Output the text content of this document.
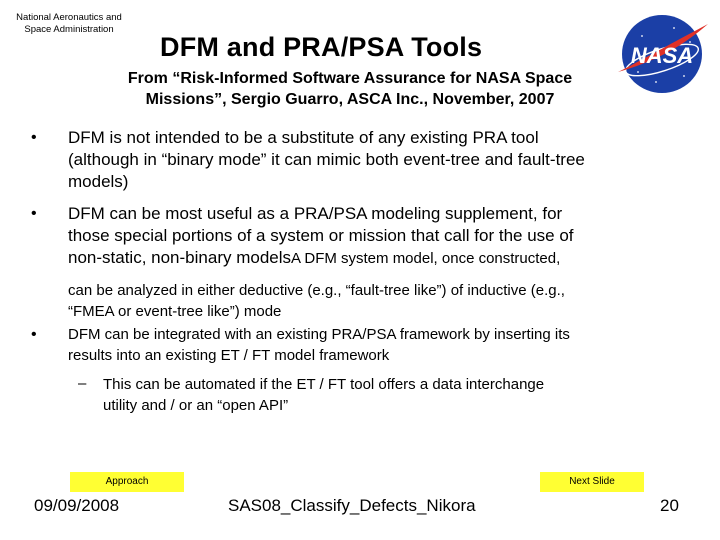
National Aeronautics and
Space Administration
NASA
DFM and PRA/PSA Tools
From “Risk-Informed Software Assurance for NASA Space
Missions”, Sergio Guarro, ASCA Inc., November, 2007
• DFM is not intended to be a substitute of any existing PRA tool
(although in “binary mode” it can mimic both event-tree and fault-tree
models)
• DFM can be most useful as a PRA/PSA modeling supplement, for
those special portions of a system or mission that call for the use of
non-static, non-binary modelsA DFM system model, once constructed,
can be analyzed in either deductive (e.g., “fault-tree like”) of inductive (e.g.,
“FMEA or event-tree like”) mode
• DFM can be integrated with an existing PRA/PSA framework by inserting its
results into an existing ET / FT model framework
– This can be automated if the ET / FT tool offers a data interchange
utility and / or an “open API”
Approach	Next Slide
09/09/2008	SAS08_Classify_Defects_Nikora	20
